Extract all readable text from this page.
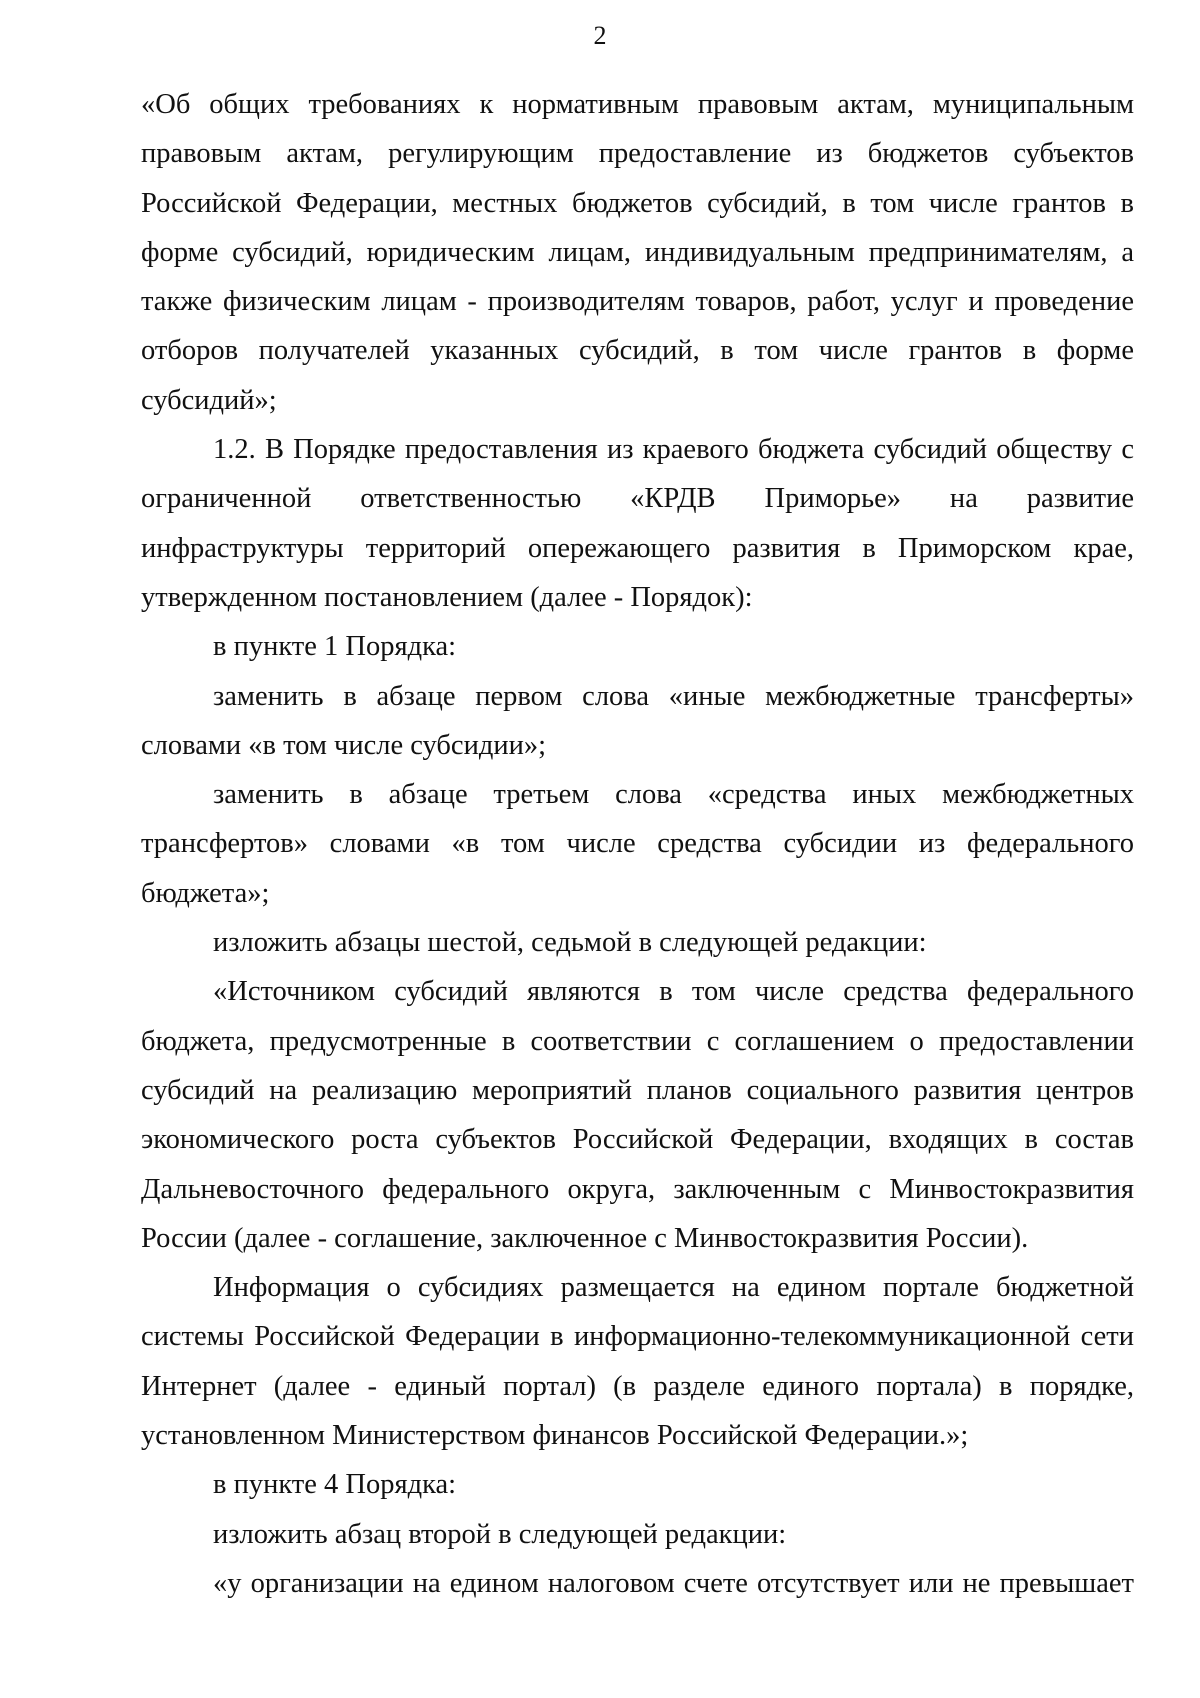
2

«Об общих требованиях к нормативным правовым актам, муниципальным правовым актам, регулирующим предоставление из бюджетов субъектов Российской Федерации, местных бюджетов субсидий, в том числе грантов в форме субсидий, юридическим лицам, индивидуальным предпринимателям, а также физическим лицам - производителям товаров, работ, услуг и проведение отборов получателей указанных субсидий, в том числе грантов в форме субсидий»;

1.2. В Порядке предоставления из краевого бюджета субсидий обществу с ограниченной ответственностью «КРДВ Приморье» на развитие инфраструктуры территорий опережающего развития в Приморском крае, утвержденном постановлением (далее - Порядок):

в пункте 1 Порядка:

заменить в абзаце первом слова «иные межбюджетные трансферты» словами «в том числе субсидии»;

заменить в абзаце третьем слова «средства иных межбюджетных трансфертов» словами «в том числе средства субсидии из федерального бюджета»;

изложить абзацы шестой, седьмой в следующей редакции:

«Источником субсидий являются в том числе средства федерального бюджета, предусмотренные в соответствии с соглашением о предоставлении субсидий на реализацию мероприятий планов социального развития центров экономического роста субъектов Российской Федерации, входящих в состав Дальневосточного федерального округа, заключенным с Минвостокразвития России (далее - соглашение, заключенное с Минвостокразвития России).

Информация о субсидиях размещается на едином портале бюджетной системы Российской Федерации в информационно-телекоммуникационной сети Интернет (далее - единый портал) (в разделе единого портала) в порядке, установленном Министерством финансов Российской Федерации.»;

в пункте 4 Порядка:

изложить абзац второй в следующей редакции:

«у организации на едином налоговом счете отсутствует или не превышает
